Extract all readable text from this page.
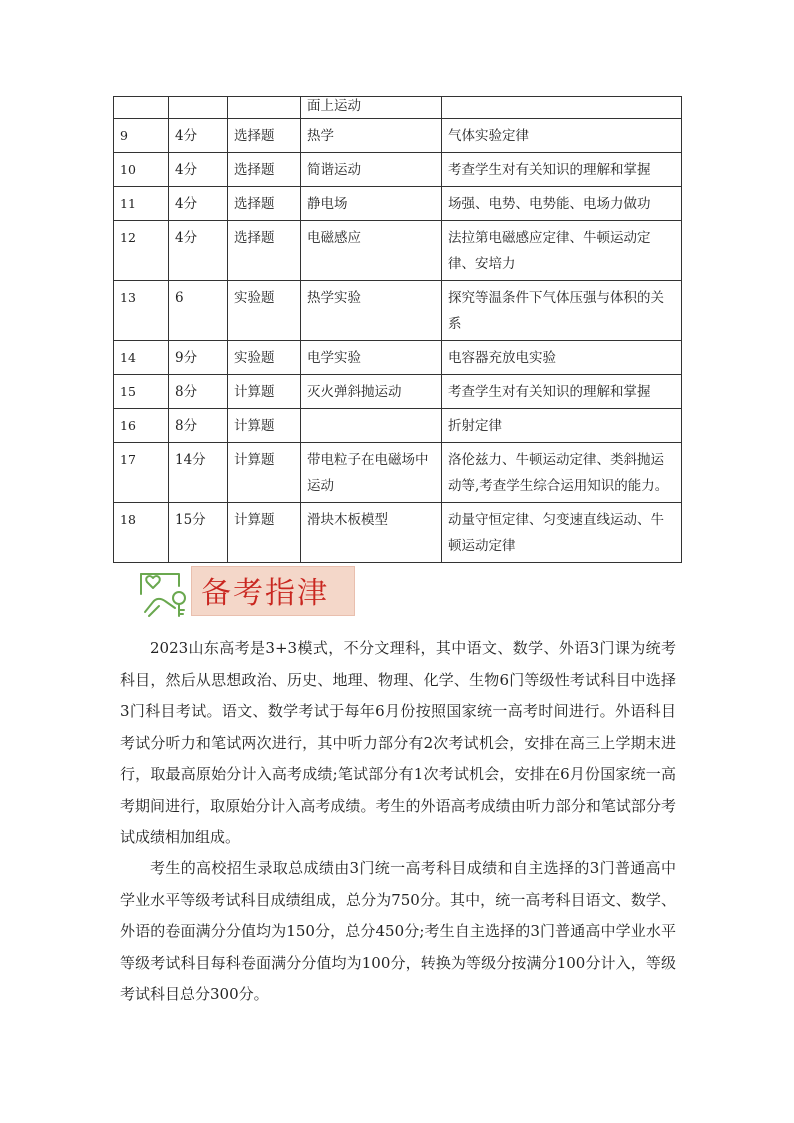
			面上运动	
9	4分	选择题	热学	气体实验定律
10	4分	选择题	简谐运动	考查学生对有关知识的理解和掌握
11	4分	选择题	静电场	场强、电势、电势能、电场力做功
12	4分	选择题	电磁感应	法拉第电磁感应定律、牛顿运动定律、安培力
13	6	实验题	热学实验	探究等温条件下气体压强与体积的关系
14	9分	实验题	电学实验	电容器充放电实验
15	8分	计算题	灭火弹斜抛运动	考查学生对有关知识的理解和掌握
16	8分	计算题		折射定律
17	14分	计算题	带电粒子在电磁场中运动	洛伦兹力、牛顿运动定律、类斜抛运动等,考查学生综合运用知识的能力。
18	15分	计算题	滑块木板模型	动量守恒定律、匀变速直线运动、牛顿运动定律
备考指津

2023山东高考是3+3模式，不分文理科，其中语文、数学、外语3门课为统考科目，然后从思想政治、历史、地理、物理、化学、生物6门等级性考试科目中选择3门科目考试。语文、数学考试于每年6月份按照国家统一高考时间进行。外语科目考试分听力和笔试两次进行，其中听力部分有2次考试机会，安排在高三上学期末进行，取最高原始分计入高考成绩;笔试部分有1次考试机会，安排在6月份国家统一高考期间进行，取原始分计入高考成绩。考生的外语高考成绩由听力部分和笔试部分考试成绩相加组成。

考生的高校招生录取总成绩由3门统一高考科目成绩和自主选择的3门普通高中学业水平等级考试科目成绩组成，总分为750分。其中，统一高考科目语文、数学、外语的卷面满分分值均为150分，总分450分;考生自主选择的3门普通高中学业水平等级考试科目每科卷面满分分值均为100分，转换为等级分按满分100分计入，等级考试科目总分300分。
